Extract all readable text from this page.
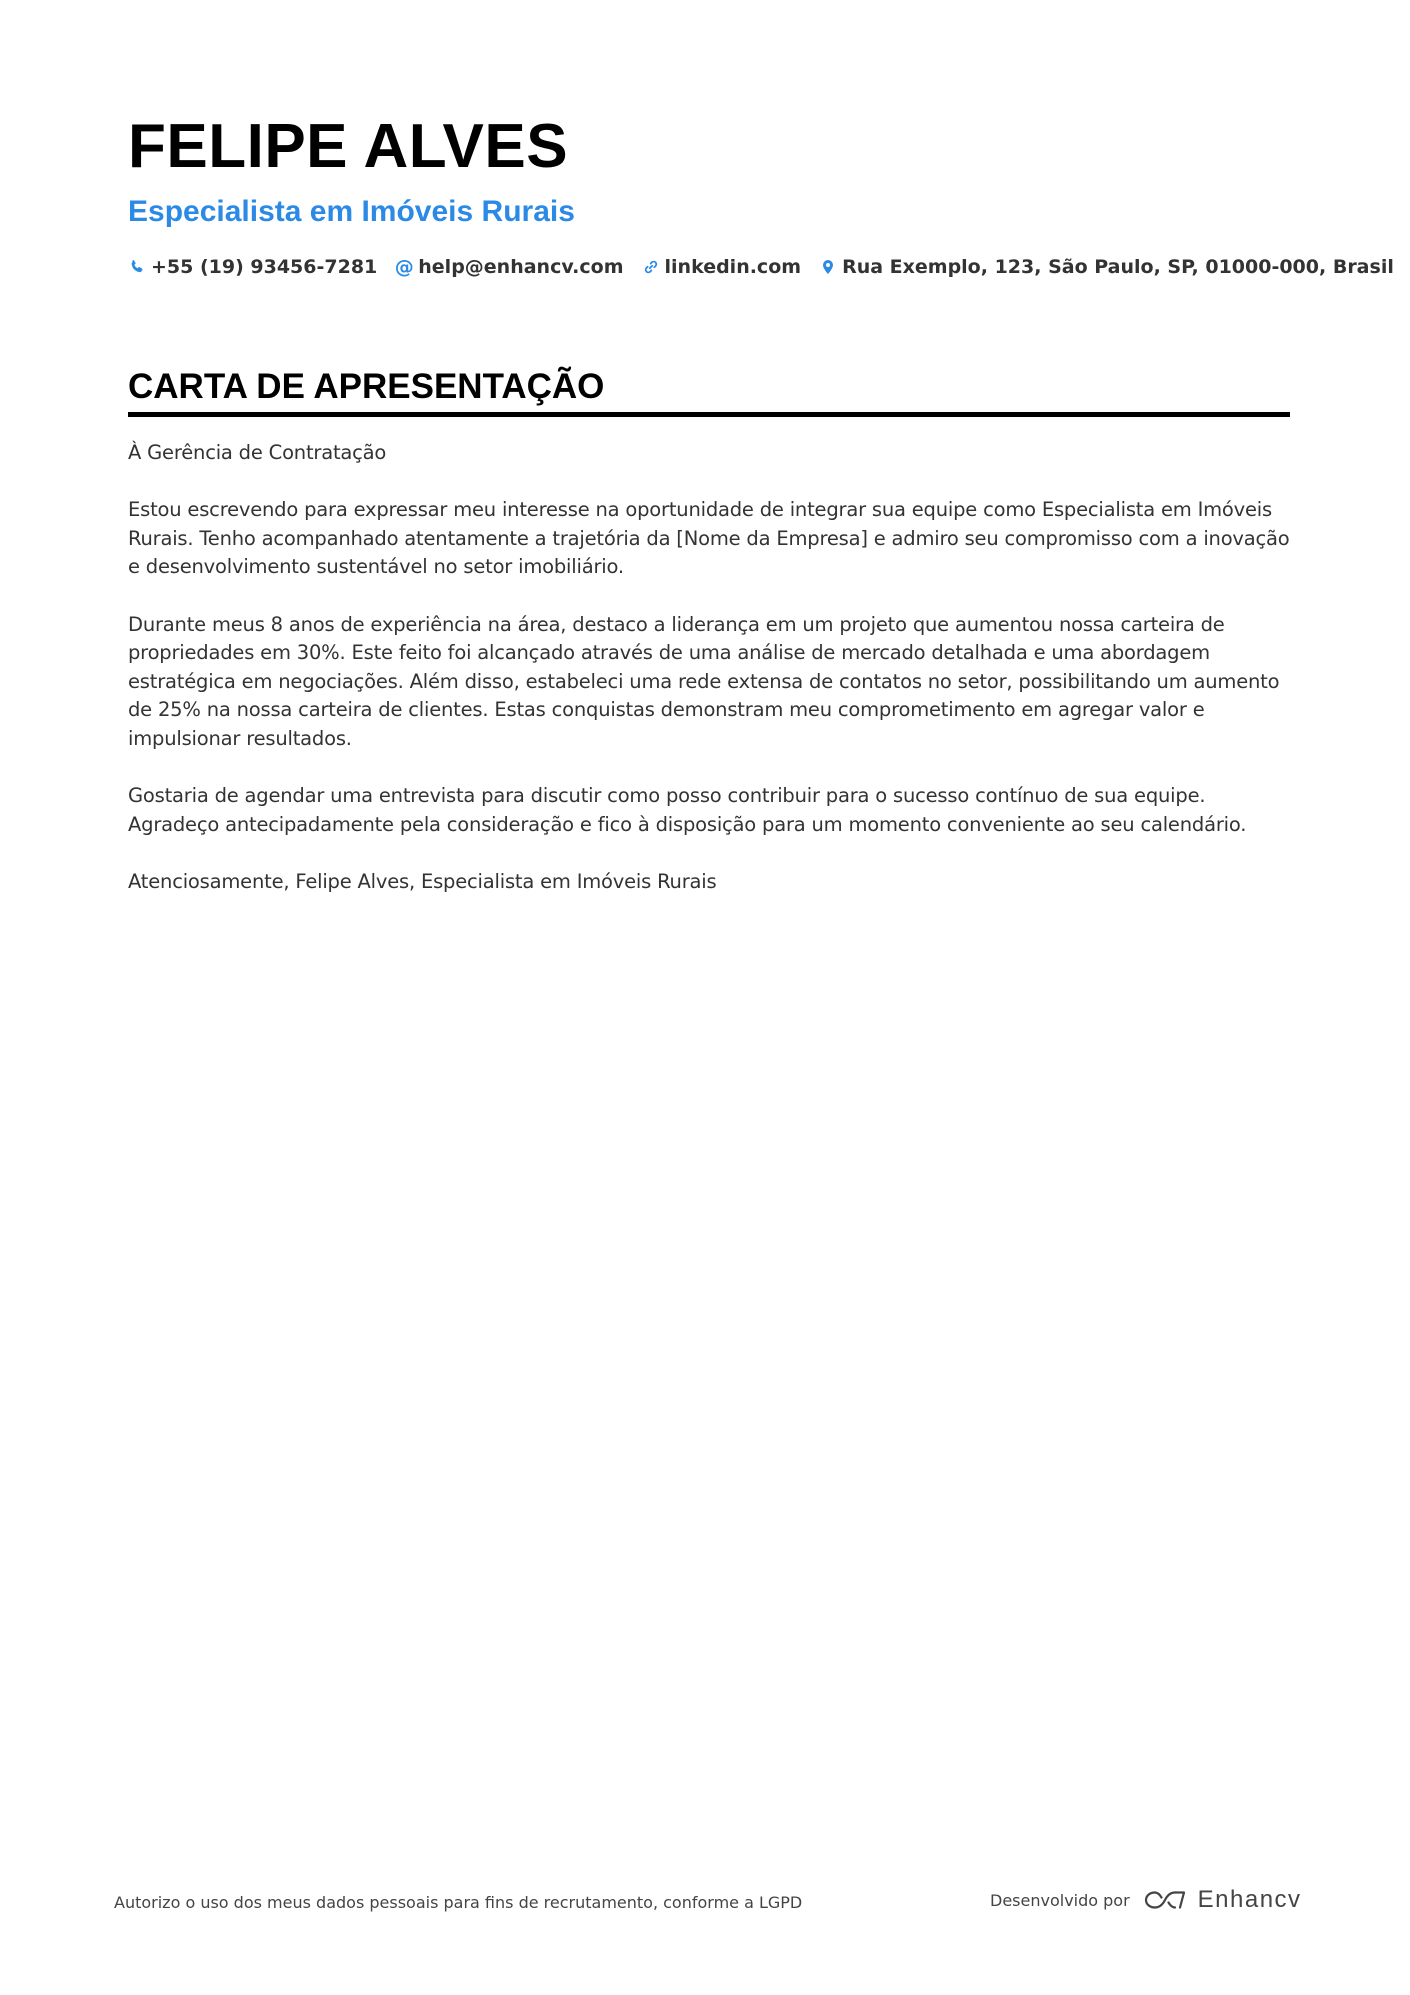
FELIPE ALVES
Especialista em Imóveis Rurais
+55 (19) 93456-7281 @ help@enhancv.com linkedin.com Rua Exemplo, 123, São Paulo, SP, 01000-000, Brasil
CARTA DE APRESENTAÇÃO

À Gerência de Contratação

Estou escrevendo para expressar meu interesse na oportunidade de integrar sua equipe como Especialista em Imóveis Rurais. Tenho acompanhado atentamente a trajetória da [Nome da Empresa] e admiro seu compromisso com a inovação e desenvolvimento sustentável no setor imobiliário.

Durante meus 8 anos de experiência na área, destaco a liderança em um projeto que aumentou nossa carteira de propriedades em 30%. Este feito foi alcançado através de uma análise de mercado detalhada e uma abordagem estratégica em negociações. Além disso, estabeleci uma rede extensa de contatos no setor, possibilitando um aumento de 25% na nossa carteira de clientes. Estas conquistas demonstram meu comprometimento em agregar valor e impulsionar resultados.

Gostaria de agendar uma entrevista para discutir como posso contribuir para o sucesso contínuo de sua equipe. Agradeço antecipadamente pela consideração e fico à disposição para um momento conveniente ao seu calendário.

Atenciosamente, Felipe Alves, Especialista em Imóveis Rurais

Autorizo o uso dos meus dados pessoais para fins de recrutamento, conforme a LGPD	Desenvolvido por	Enhancv
